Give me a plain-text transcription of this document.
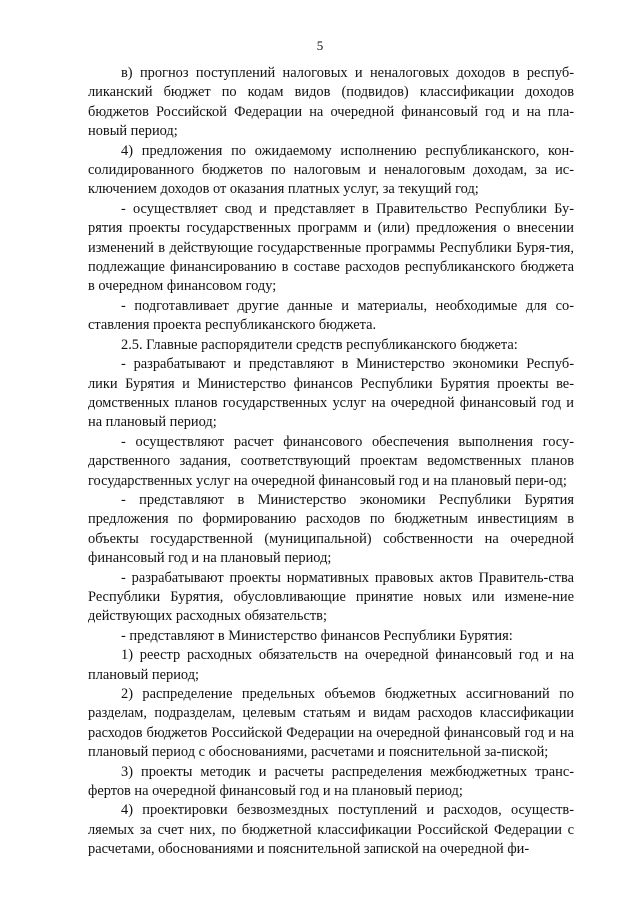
5

в) прогноз поступлений налоговых и неналоговых доходов в респуб-ликанский бюджет по кодам видов (подвидов) классификации доходов бюджетов Российской Федерации на очередной финансовый год и на пла-новый период;

4) предложения по ожидаемому исполнению республиканского, кон-солидированного бюджетов по налоговым и неналоговым доходам, за ис-ключением доходов от оказания платных услуг, за текущий год;

- осуществляет свод и представляет в Правительство Республики Бу-рятия проекты государственных программ и (или) предложения о внесении изменений в действующие государственные программы Республики Буря-тия, подлежащие финансированию в составе расходов республиканского бюджета в очередном финансовом году;

- подготавливает другие данные и материалы, необходимые для со-ставления проекта республиканского бюджета.

2.5. Главные распорядители средств республиканского бюджета:

- разрабатывают и представляют в Министерство экономики Респуб-лики Бурятия и Министерство финансов Республики Бурятия проекты ве-домственных планов государственных услуг на очередной финансовый год и на плановый период;

- осуществляют расчет финансового обеспечения выполнения госу-дарственного задания, соответствующий проектам ведомственных планов государственных услуг на очередной финансовый год и на плановый пери-од;

- представляют в Министерство экономики Республики Бурятия предложения по формированию расходов по бюджетным инвестициям в объекты государственной (муниципальной) собственности на очередной финансовый год и на плановый период;

- разрабатывают проекты нормативных правовых актов Правитель-ства Республики Бурятия, обусловливающие принятие новых или измене-ние действующих расходных обязательств;

- представляют в Министерство финансов Республики Бурятия:

1) реестр расходных обязательств на очередной финансовый год и на плановый период;

2) распределение предельных объемов бюджетных ассигнований по разделам, подразделам, целевым статьям и видам расходов классификации расходов бюджетов Российской Федерации на очередной финансовый год и на плановый период с обоснованиями, расчетами и пояснительной за-пиской;

3) проекты методик и расчеты распределения межбюджетных транс-фертов на очередной финансовый год и на плановый период;

4) проектировки безвозмездных поступлений и расходов, осуществ-ляемых за счет них, по бюджетной классификации Российской Федерации с расчетами, обоснованиями и пояснительной запиской на очередной фи-
